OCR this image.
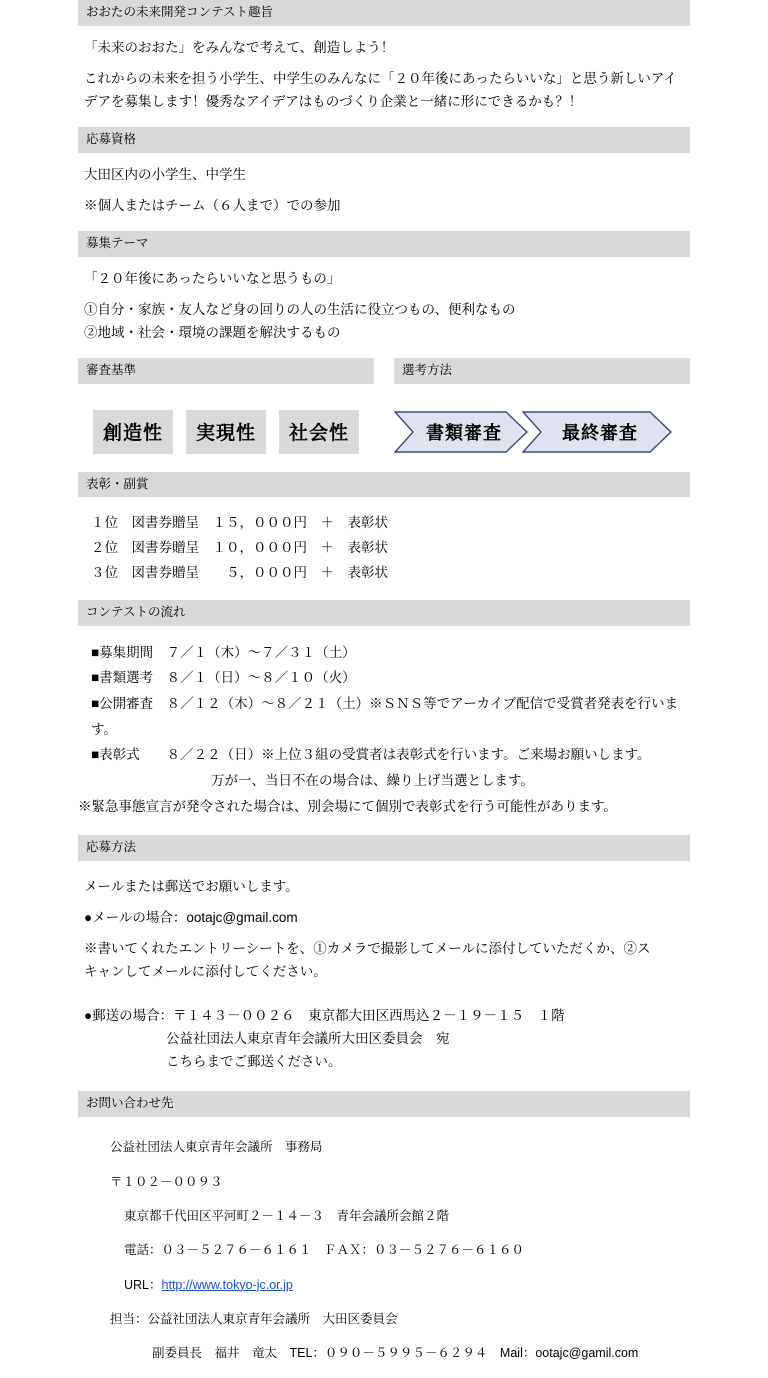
おおたの未来開発コンテスト趣旨

「未来のおおた」をみんなで考えて、創造しよう！

これからの未来を担う小学生、中学生のみんなに「２０年後にあったらいいな」と思う新しいアイ

デアを募集します！優秀なアイデアはものづくり企業と一緒に形にできるかも？！

応募資格

大田区内の小学生、中学生

※個人またはチーム（６人まで）での参加

募集テーマ

「２０年後にあったらいいなと思うもの」

①自分・家族・友人など身の回りの人の生活に役立つもの、便利なもの

②地域・社会・環境の課題を解決するもの

審査基準	選考方法
創造性	実現性	社会性	書類審査	最終審査
表彰・副賞

１位　図書券贈呈　１５，０００円　＋　表彰状

２位　図書券贈呈　１０，０００円　＋　表彰状

３位　図書券贈呈　　５，０００円　＋　表彰状

コンテストの流れ

■募集期間　７／１（木）～７／３１（土）

■書類選考　８／１（日）～８／１０（火）

■公開審査　８／１２（木）～８／２１（土）※ＳＮＳ等でアーカイブ配信で受賞者発表を行います。

■表彰式　　８／２２（日）※上位３組の受賞者は表彰式を行います。ご来場お願いします。

万が一、当日不在の場合は、繰り上げ当選とします。

※緊急事態宣言が発令された場合は、別会場にて個別で表彰式を行う可能性があります。

応募方法

メールまたは郵送でお願いします。

●メールの場合：ootajc@gmail.com

※書いてくれたエントリーシートを、①カメラで撮影してメールに添付していただくか、②ス

キャンしてメールに添付してください。

●郵送の場合：〒１４３－００２６　東京都大田区西馬込２－１９－１５　１階

公益社団法人東京青年会議所大田区委員会　宛

こちらまでご郵送ください。

お問い合わせ先

公益社団法人東京青年会議所　事務局

〒１０２－００９３

東京都千代田区平河町２－１４－３　青年会議所会館２階

電話：０３－５２７６－６１６１　ＦＡＸ：０３－５２７６－６１６０

URL：http://www.tokyo-jc.or.jp

担当：公益社団法人東京青年会議所　大田区委員会

副委員長　福井　竜太　TEL：０９０－５９９５－６２９４　Mail：ootajc@gamil.com
